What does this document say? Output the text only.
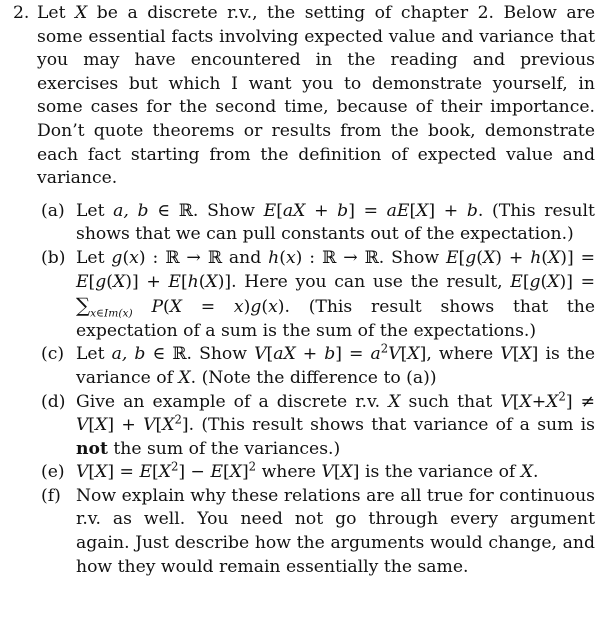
2. Let X be a discrete r.v., the setting of chapter 2. Below are some essential facts involving expected value and variance that you may have encountered in the reading and previous exercises but which I want you to demonstrate yourself, in some cases for the second time, because of their importance. Don’t quote theorems or results from the book, demonstrate each fact starting from the definition of expected value and variance.
(a) Let a, b ∈ ℝ. Show E[aX + b] = aE[X] + b. (This result shows that we can pull constants out of the expectation.)
(b) Let g(x) : ℝ → ℝ and h(x) : ℝ → ℝ. Show E[g(X) + h(X)] = E[g(X)] + E[h(X)]. Here you can use the result, $E[g(X)] = \sum_{x\in Im(x)}$ P(X = x)g(x). (This result shows that the expectation of a sum is the sum of the expectations.)
(c) Let a, b ∈ ℝ. Show $V[aX + b] = a^2V[X]$, where V[X] is the variance of X. (Note the difference to (a))
(d) Give an example of a discrete r.v. X such that $V[X+X^2] \ne V[X] + V[X^2]$. (This result shows that variance of a sum is not the sum of the variances.)
(e) $V[X] = E[X^2] - E[X]^2$ where V[X] is the variance of X.
(f) Now explain why these relations are all true for continuous r.v. as well. You need not go through every argument again. Just describe how the arguments would change, and how they would remain essentially the same.
